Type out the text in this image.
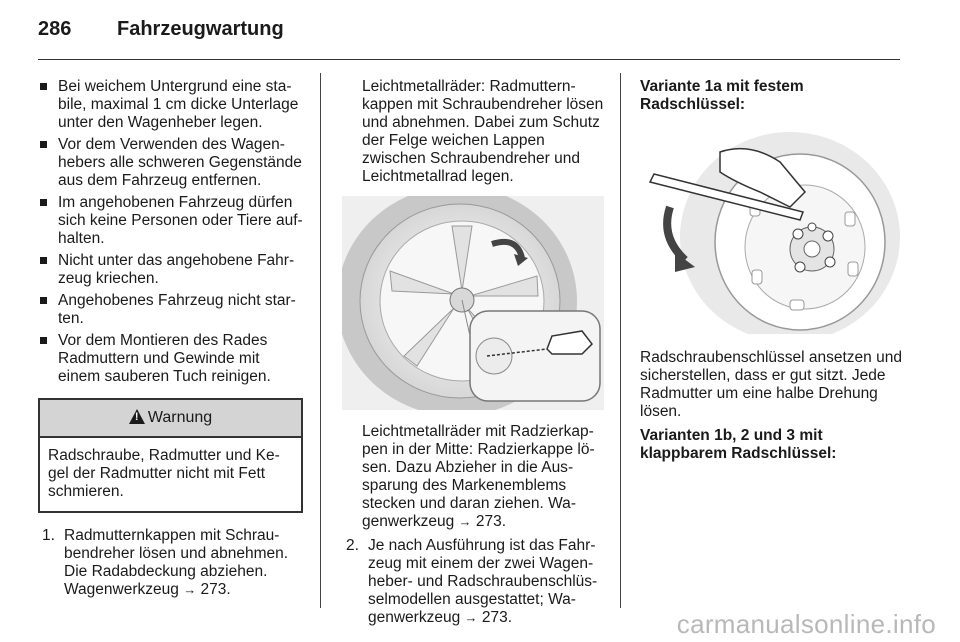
286 Fahrzeugwartung
Bei weichem Untergrund eine stabile, maximal 1 cm dicke Unterlage unter den Wagenheber legen.
Vor dem Verwenden des Wagenhebers alle schweren Gegenstände aus dem Fahrzeug entfernen.
Im angehobenen Fahrzeug dürfen sich keine Personen oder Tiere aufhalten.
Nicht unter das angehobene Fahrzeug kriechen.
Angehobenes Fahrzeug nicht starten.
Vor dem Montieren des Rades Radmuttern und Gewinde mit einem sauberen Tuch reinigen.
!Warnung
Radschraube, Radmutter und Kegel der Radmutter nicht mit Fett schmieren.
1. Radmutternkappen mit Schraubendreher lösen und abnehmen. Die Radabdeckung abziehen. Wagenwerkzeug → 273.
Leichtmetallräder: Radmutternkappen mit Schraubendreher lösen und abnehmen. Dabei zum Schutz der Felge weichen Lappen zwischen Schraubendreher und Leichtmetallrad legen.
Leichtmetallräder mit Radzierkappen in der Mitte: Radzierkappe lösen. Dazu Abzieher in die Aussparung des Markenemblems stecken und daran ziehen. Wagenwerkzeug → 273.
2. Je nach Ausführung ist das Fahrzeug mit einem der zwei Wagenheber- und Radschraubenschlüsselmodellen ausgestattet; Wagenwerkzeug → 273.
Variante 1a mit festem Radschlüssel:
Radschraubenschlüssel ansetzen und sicherstellen, dass er gut sitzt. Jede Radmutter um eine halbe Drehung lösen.
Varianten 1b, 2 und 3 mit klappbarem Radschlüssel:
carmanualsonline.info
